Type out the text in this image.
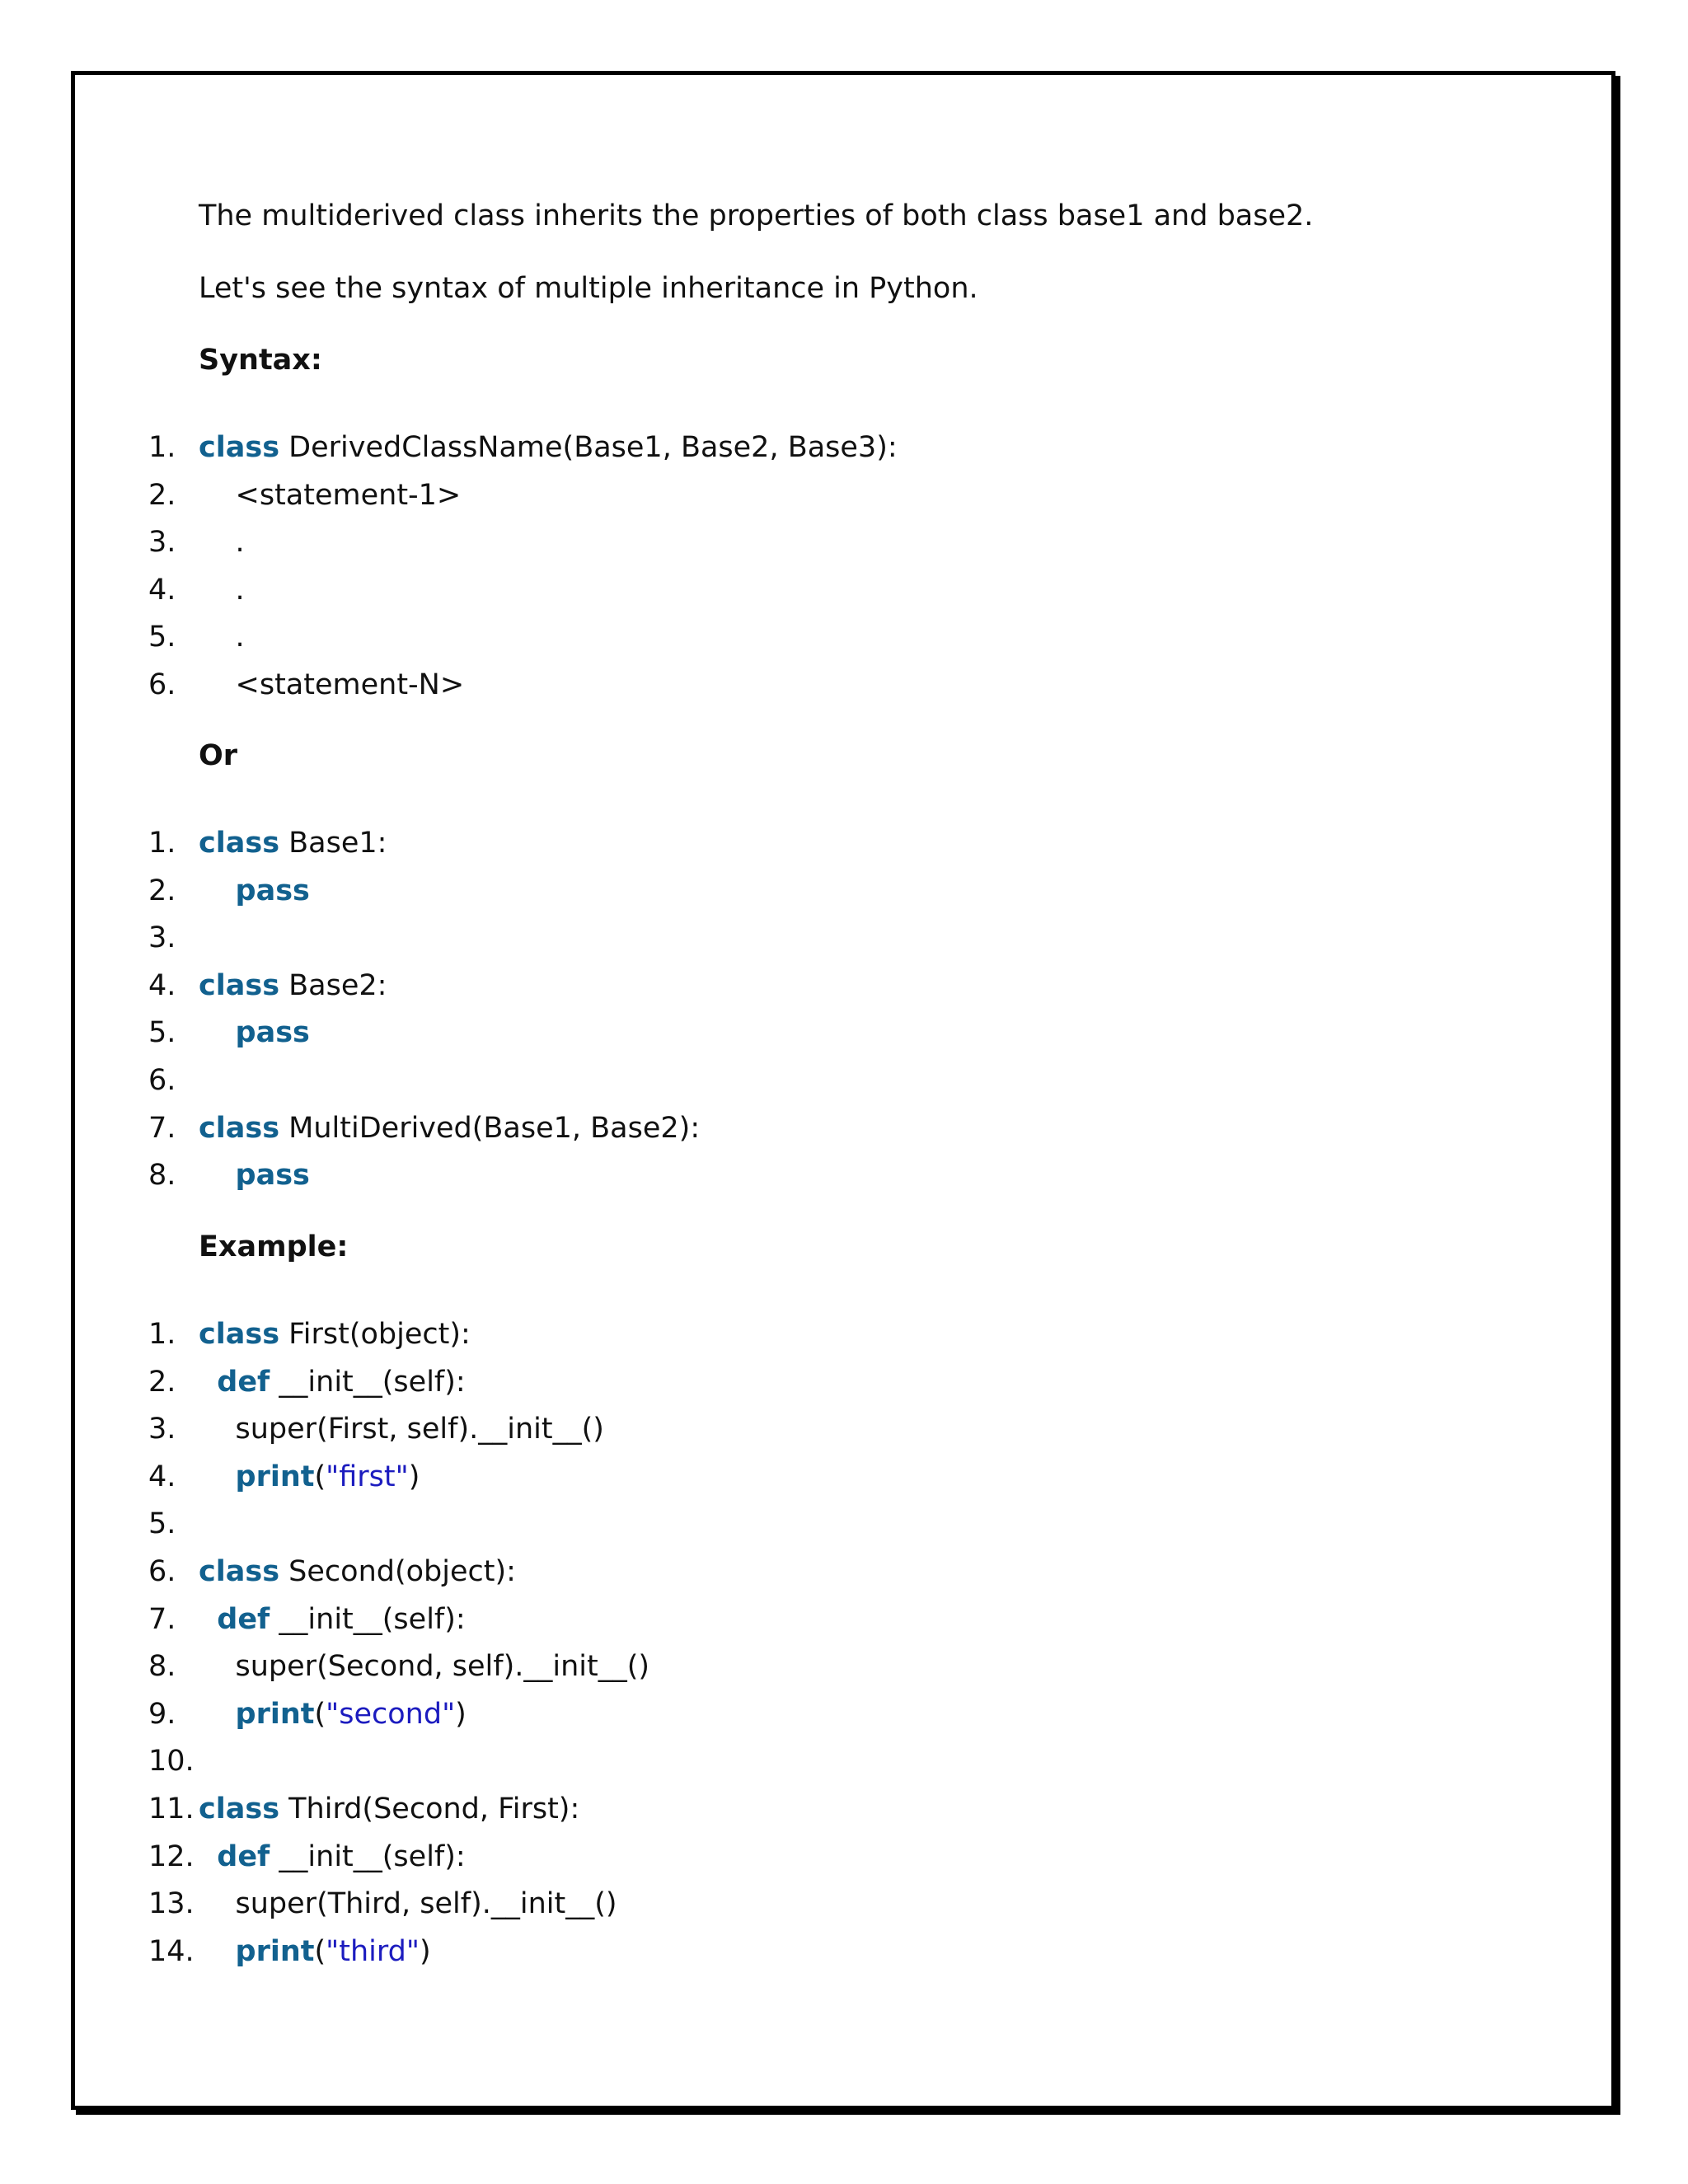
The multiderived class inherits the properties of both class base1 and base2.
Let's see the syntax of multiple inheritance in Python.
Syntax:
1. class DerivedClassName(Base1, Base2, Base3):
2.	<statement-1>
3.	.
4.	.
5.	.
6.	<statement-N>
Or
1. class Base1:
2.	pass
3.
4. class Base2:
5.	pass
6.
7. class MultiDerived(Base1, Base2):
8.	pass
Example:
1. class First(object):
2.	def __init__(self):
3.	super(First, self).__init__()
4.	print("first")
5.
6. class Second(object):
7.	def __init__(self):
8.	super(Second, self).__init__()
9.	print("second")
10.
11. class Third(Second, First):
12. def __init__(self):
13.	super(Third, self).__init__()
14.	print("third")
